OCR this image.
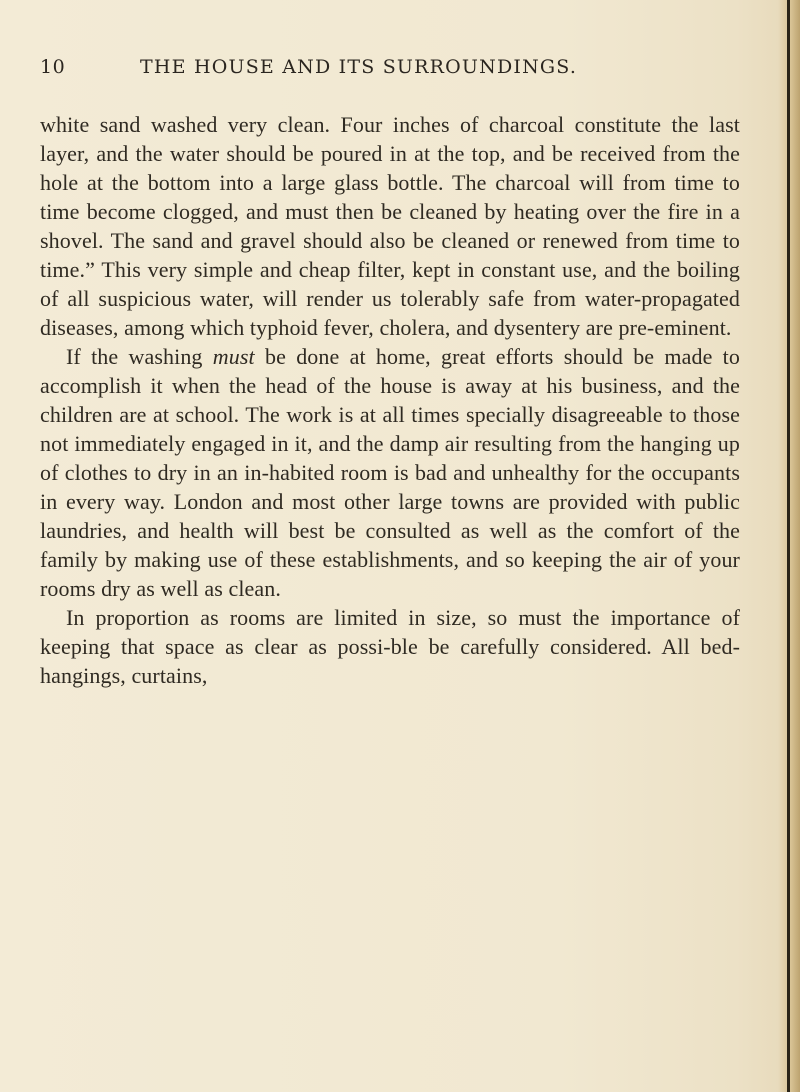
10	THE HOUSE AND ITS SURROUNDINGS.

white sand washed very clean. Four inches of charcoal constitute the last layer, and the water should be poured in at the top, and be received from the hole at the bottom into a large glass bottle. The charcoal will from time to time become clogged, and must then be cleaned by heating over the fire in a shovel. The sand and gravel should also be cleaned or renewed from time to time.” This very simple and cheap filter, kept in constant use, and the boiling of all suspicious water, will render us tolerably safe from water-propagated diseases, among which typhoid fever, cholera, and dysentery are pre-eminent.

If the washing must be done at home, great efforts should be made to accomplish it when the head of the house is away at his business, and the children are at school. The work is at all times specially disagreeable to those not immediately engaged in it, and the damp air resulting from the hanging up of clothes to dry in an in-habited room is bad and unhealthy for the occupants in every way. London and most other large towns are provided with public laundries, and health will best be consulted as well as the comfort of the family by making use of these establishments, and so keeping the air of your rooms dry as well as clean.

In proportion as rooms are limited in size, so must the importance of keeping that space as clear as possi-ble be carefully considered. All bed-hangings, curtains,
